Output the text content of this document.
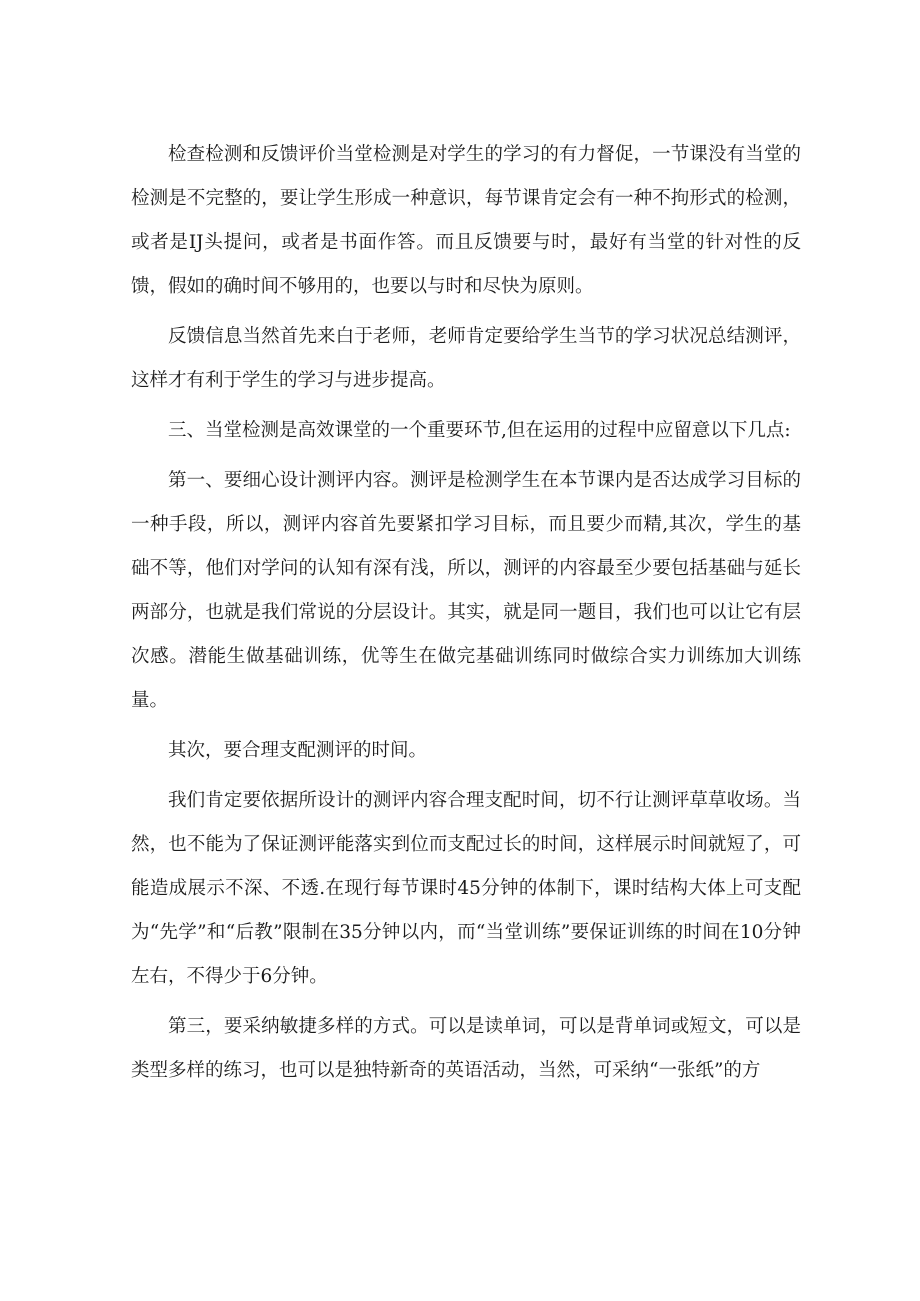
检查检测和反馈评价当堂检测是对学生的学习的有力督促，一节课没有当堂的检测是不完整的，要让学生形成一种意识，每节课肯定会有一种不拘形式的检测，或者是IJ头提问，或者是书面作答。而且反馈要与时，最好有当堂的针对性的反馈，假如的确时间不够用的，也要以与时和尽快为原则。

反馈信息当然首先来白于老师，老师肯定要给学生当节的学习状况总结测评，这样才有利于学生的学习与进步提高。

三、当堂检测是高效课堂的一个重要环节,但在运用的过程中应留意以下几点:

第一、要细心设计测评内容。测评是检测学生在本节课内是否达成学习目标的一种手段，所以，测评内容首先要紧扣学习目标，而且要少而精,其次，学生的基础不等，他们对学问的认知有深有浅，所以，测评的内容最至少要包括基础与延长两部分，也就是我们常说的分层设计。其实，就是同一题目，我们也可以让它有层次感。潜能生做基础训练，优等生在做完基础训练同时做综合实力训练加大训练量。

其次，要合理支配测评的时间。

我们肯定要依据所设计的测评内容合理支配时间，切不行让测评草草收场。当然，也不能为了保证测评能落实到位而支配过长的时间，这样展示时间就短了，可能造成展示不深、不透.在现行每节课时45分钟的体制下，课时结构大体上可支配为“先学”和“后教”限制在35分钟以内，而“当堂训练”要保证训练的时间在10分钟左右，不得少于6分钟。

第三，要采纳敏捷多样的方式。可以是读单词，可以是背单词或短文，可以是类型多样的练习，也可以是独特新奇的英语活动，当然，可采纳“一张纸”的方
